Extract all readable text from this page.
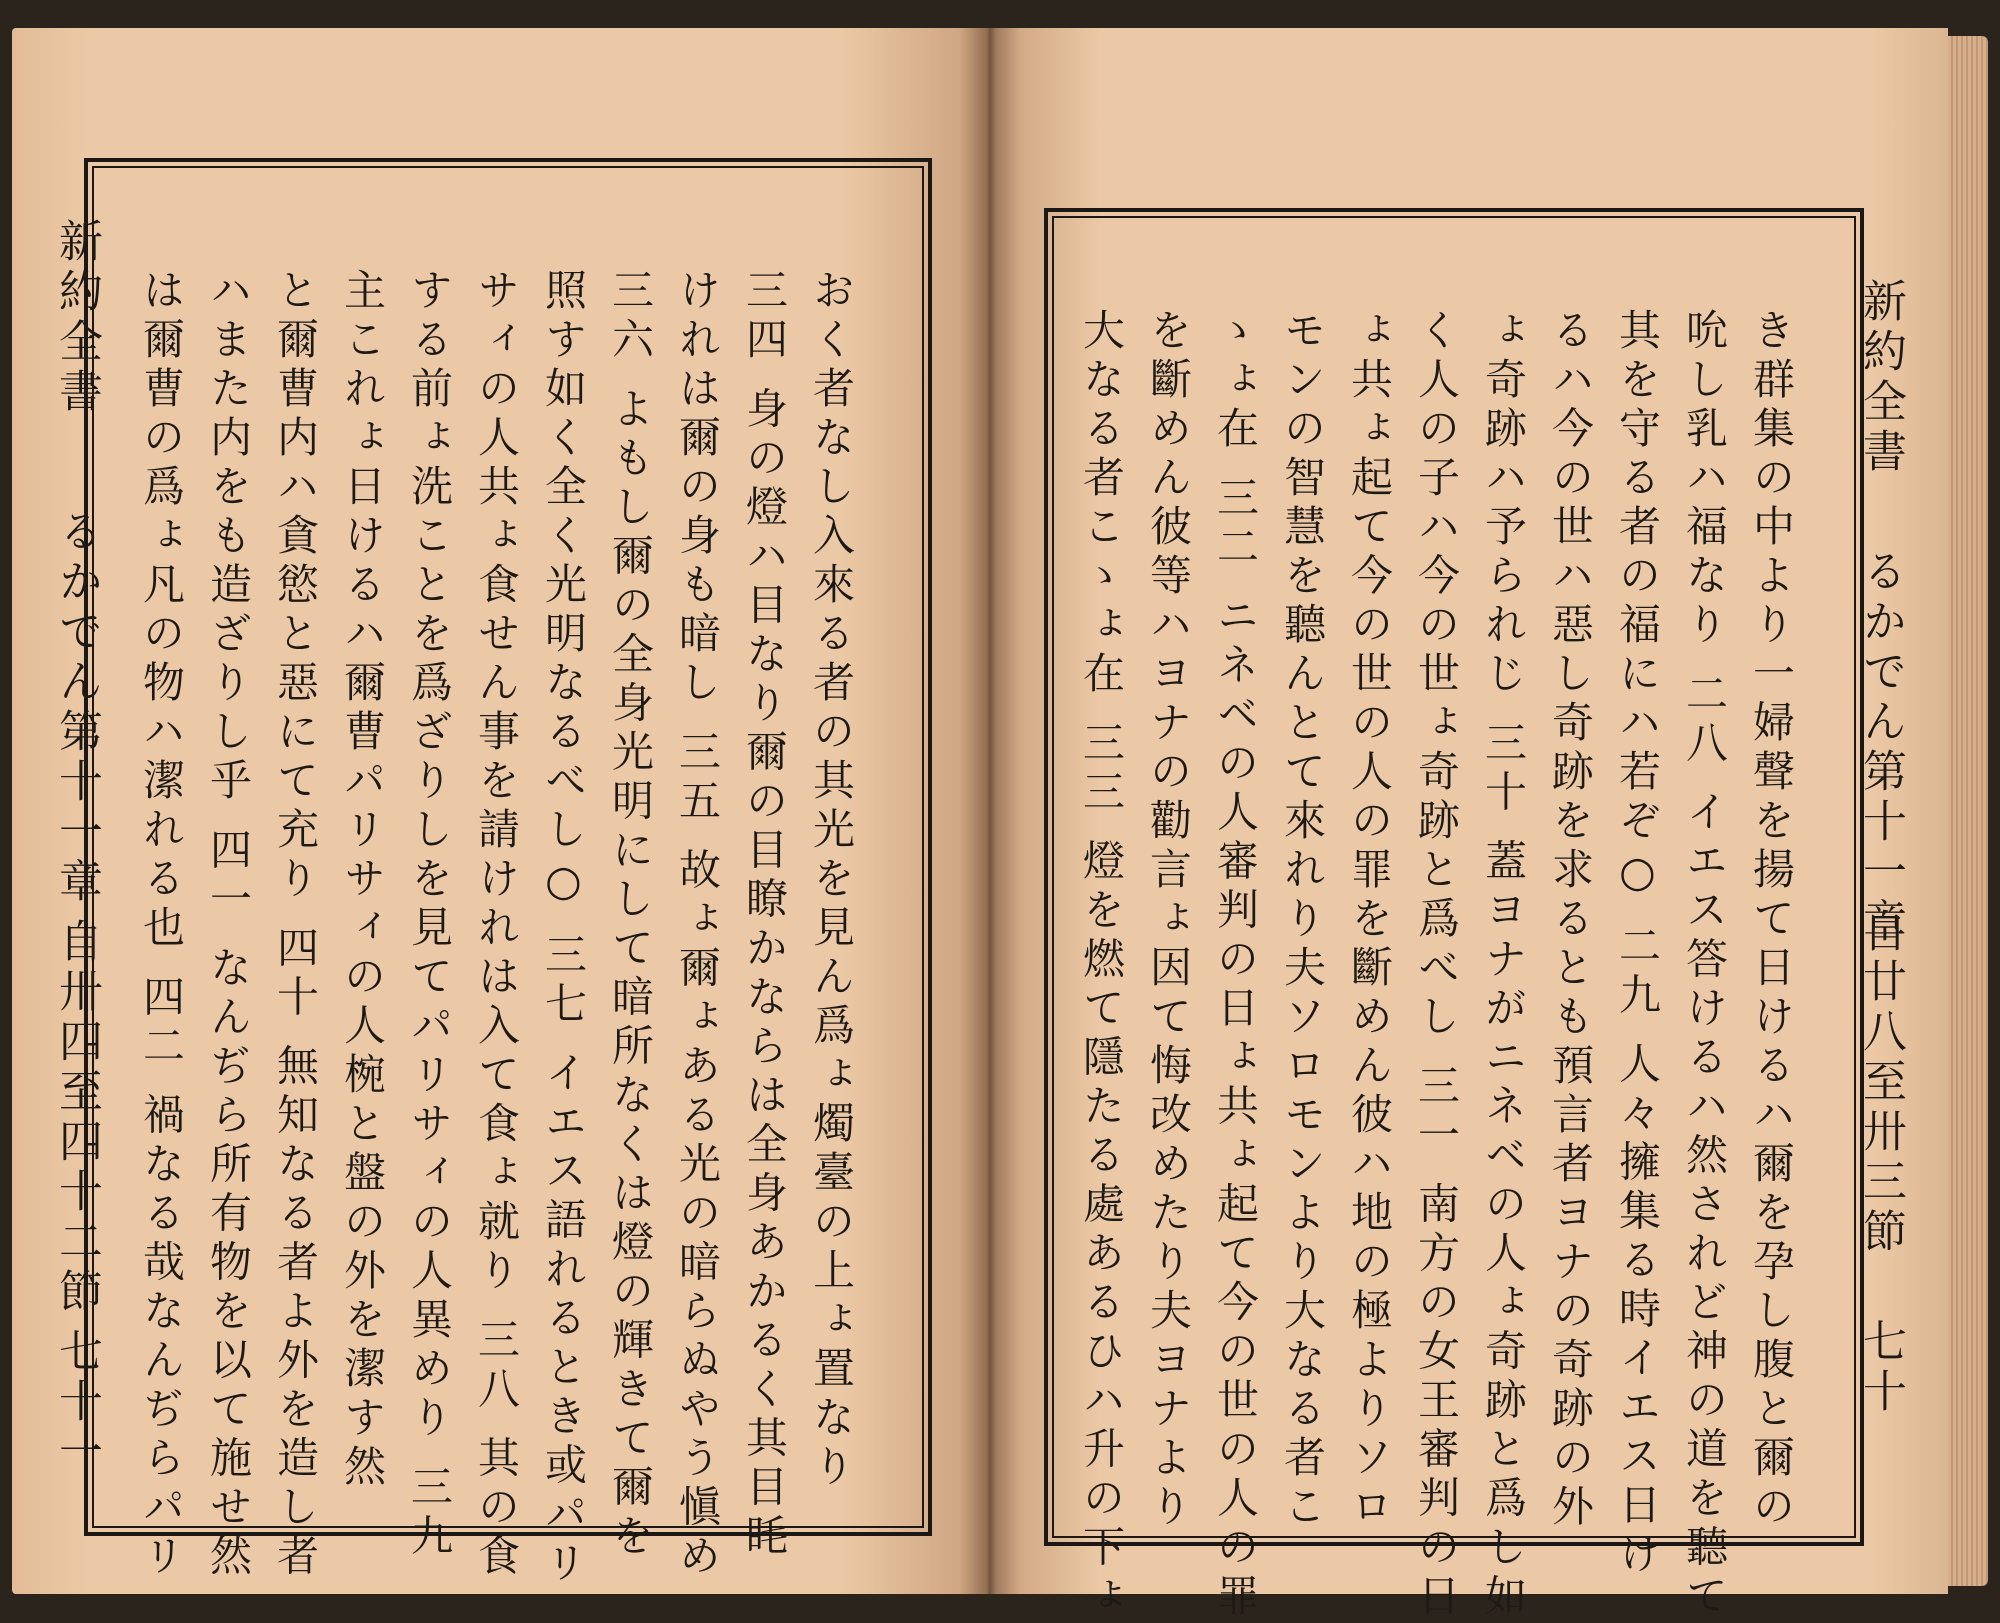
新約全書
るかでん第十一章
自卅四至四十二節
七十一 は爾曹の爲ょ凡の物ハ潔れる也 四二 禍なる哉なんぢらパリ ハまた内をも造ざりし乎 四一 なんぢら所有物を以て施せ然 と爾曹内ハ貪慾と惡にて充り 四十 無知なる者よ外を造し者 主これょ日けるハ爾曹パリサィの人椀と盤の外を潔す然 する前ょ洗ことを爲ざりしを見てパリサィの人異めり 三九 サィの人共ょ食せん事を請けれは入て食ょ就り 三八 其の食 照す如く全く光明なるべし○ 三七 イエス語れるとき或パリ 三六 よもし爾の全身光明にして暗所なくは燈の輝きて爾を けれは爾の身も暗し 三五 故ょ爾ょある光の暗らぬやう愼め 三四 身の燈ハ目なり爾の目瞭かならは全身あかるく其目眊 おく者なし入來る者の其光を見ん爲ょ燭臺の上ょ置なり	新約全書
るかでん第十一章
自廿八至卅三節
七十
大なる者こゝょ在 三三 燈を燃て隱たる處あるひハ升の下ょ を斷めん彼等ハヨナの勸言ょ因て悔改めたり夫ヨナより ゝょ在 三二 ニネベの人審判の日ょ共ょ起て今の世の人の罪 モンの智慧を聽んとて來れり夫ソロモンより大なる者こ ょ共ょ起て今の世の人の罪を斷めん彼ハ地の極よりソロ く人の子ハ今の世ょ奇跡と爲べし 三一 南方の女王審判の日 ょ奇跡ハ予られじ 三十 蓋ヨナがニネベの人ょ奇跡と爲し如 るハ今の世ハ惡し奇跡を求るとも預言者ヨナの奇跡の外 其を守る者の福にハ若ぞ○ 二九 人々擁集る時イエス日け 吮し乳ハ福なり 二八 イエス答けるハ然されど神の道を聽て き群集の中より一婦聲を揚て日けるハ爾を孕し腹と爾の
